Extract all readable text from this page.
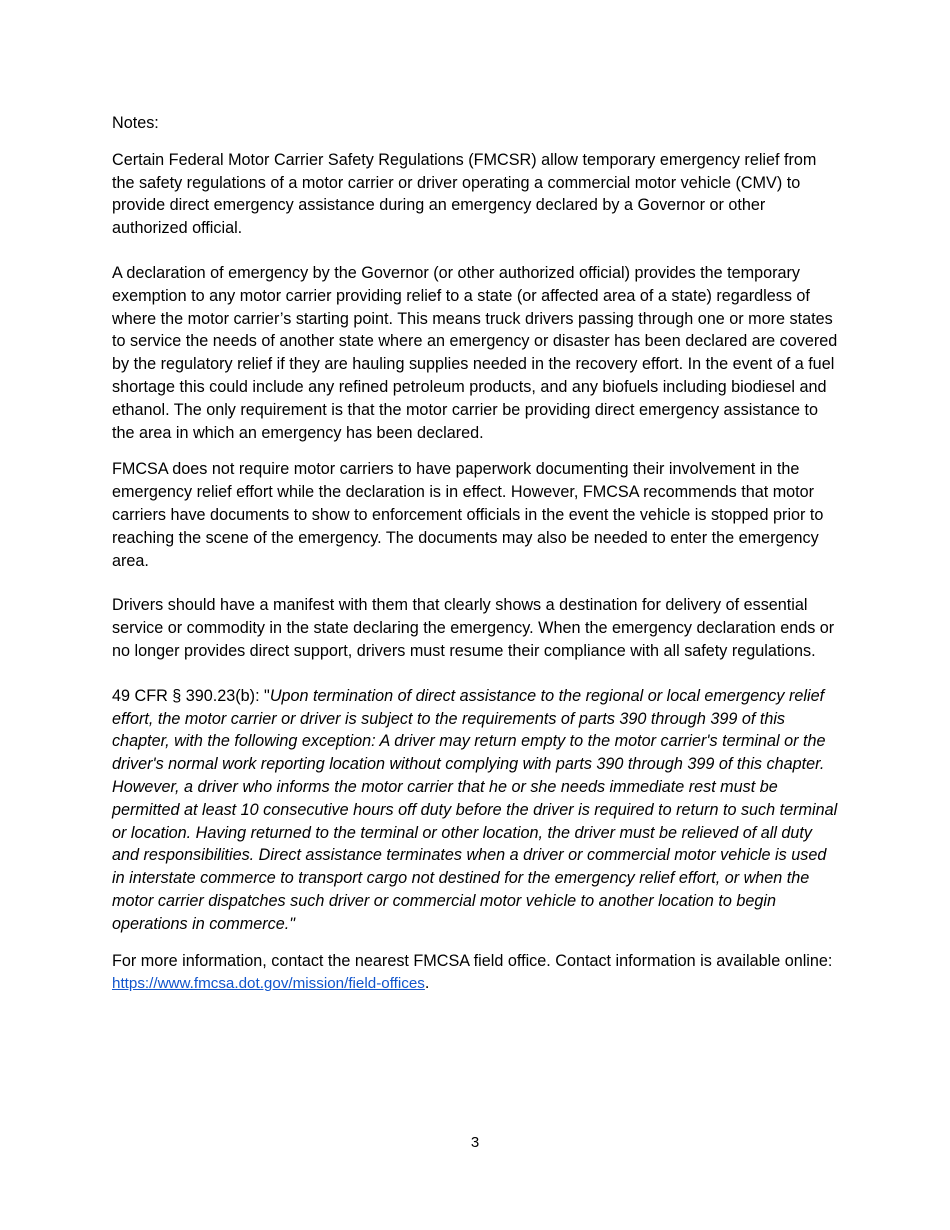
Notes:

Certain Federal Motor Carrier Safety Regulations (FMCSR) allow temporary emergency relief from the safety regulations of a motor carrier or driver operating a commercial motor vehicle (CMV) to provide direct emergency assistance during an emergency declared by a Governor or other authorized official.

A declaration of emergency by the Governor (or other authorized official) provides the temporary exemption to any motor carrier providing relief to a state (or affected area of a state) regardless of where the motor carrier’s starting point. This means truck drivers passing through one or more states to service the needs of another state where an emergency or disaster has been declared are covered by the regulatory relief if they are hauling supplies needed in the recovery effort. In the event of a fuel shortage this could include any refined petroleum products, and any biofuels including biodiesel and ethanol. The only requirement is that the motor carrier be providing direct emergency assistance to the area in which an emergency has been declared.

FMCSA does not require motor carriers to have paperwork documenting their involvement in the emergency relief effort while the declaration is in effect. However, FMCSA recommends that motor carriers have documents to show to enforcement officials in the event the vehicle is stopped prior to reaching the scene of the emergency. The documents may also be needed to enter the emergency area.

Drivers should have a manifest with them that clearly shows a destination for delivery of essential service or commodity in the state declaring the emergency. When the emergency declaration ends or no longer provides direct support, drivers must resume their compliance with all safety regulations.

49 CFR § 390.23(b): "Upon termination of direct assistance to the regional or local emergency relief effort, the motor carrier or driver is subject to the requirements of parts 390 through 399 of this chapter, with the following exception: A driver may return empty to the motor carrier's terminal or the driver's normal work reporting location without complying with parts 390 through 399 of this chapter. However, a driver who informs the motor carrier that he or she needs immediate rest must be permitted at least 10 consecutive hours off duty before the driver is required to return to such terminal or location. Having returned to the terminal or other location, the driver must be relieved of all duty and responsibilities. Direct assistance terminates when a driver or commercial motor vehicle is used in interstate commerce to transport cargo not destined for the emergency relief effort, or when the motor carrier dispatches such driver or commercial motor vehicle to another location to begin operations in commerce."

For more information, contact the nearest FMCSA field office. Contact information is available online: https://www.fmcsa.dot.gov/mission/field-offices.

3
